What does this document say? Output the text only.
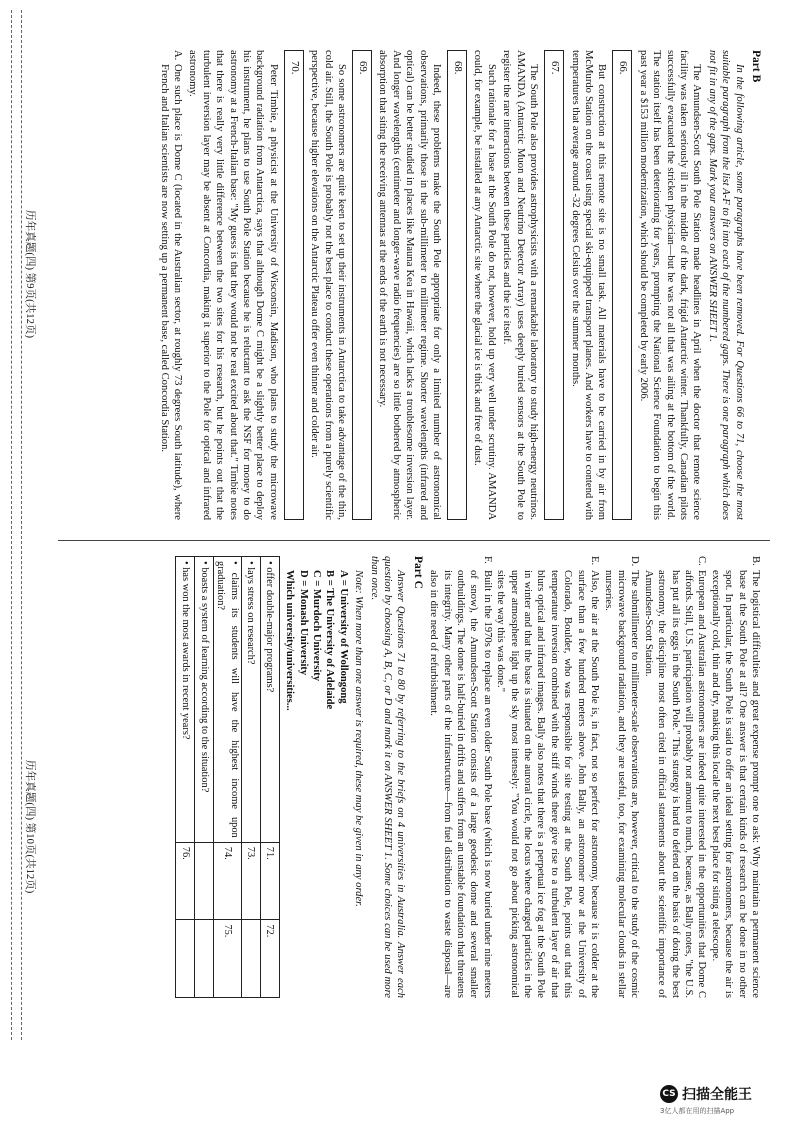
Part B

In the following article, some paragraphs have been removed. For Questions 66 to 71, choose the most suitable paragraph from the list A-F to fit into each of the numbered gaps. There is one paragraph which does not fit in any of the gaps. Mark your answers on ANSWER SHEET 1.

The Amundsen-Scott South Pole Station made headlines in April when the doctor that remote science facility was taken seriously ill in the middle of the dark, frigid Antarctic winter. Thankfully, Canadian pilots successfully evacuated the stricken physician—but he was not all that was ailing at the bottom of the world. The station itself has been deteriorating for years, prompting the National Science Foundation to begin this past year a $153 million modernization, which should be completed by early 2006.

66.

But construction at this remote site is no small task. All materials have to be carried in by air from McMurdo Station on the coast using special ski-equipped transport planes. And workers have to contend with temperatures that average around -32 degrees Celsius over the summer months.

67.

The South Pole also provides astrophysicists with a remarkable laboratory to study high-energy neutrinos. AMANDA (Antarctic Muon and Neutrino Detector Array) uses deeply buried sensors at the South Pole to register the rare interactions between these particles and the ice itself.

Such rationale for a base at the South Pole do not, however, hold up very well under scrutiny. AMANDA could, for example, be installed at any Antarctic site where the glacial ice is thick and free of dust.

68.

Indeed, these problems make the South Pole appropriate for only a limited number of astronomical observations, primarily those in the sub-millimeter to millimeter regime. Shorter wavelengths (infrared and optical) can be better studied in places like Mauna Kea in Hawaii, which lacks a troublesome inversion layer. And longer wavelengths (centimeter and longer-wave radio frequencies) are so little bothered by atmospheric absorption that siting the receiving antennas at the ends of the earth is not necessary.

69.

So some astronomers are quite keen to set up their instruments in Antarctica to take advantage of the thin, cold air. Still, the South Pole is probably not the best place to conduct these operations from a purely scientific perspective, because higher elevations on the Antarctic Plateau offer even thinner and colder air.

70.

Peter Timbie, a physicist at the University of Wisconsin, Madison, who plans to study the microwave background radiation from Antarctica, says that although Dome C might be a slightly better place to deploy his instrument, he plans to use South Pole Station because he is reluctant to ask the NSF for money to do astronomy at a French-Italian base: "My guess is that they would not be real excited about that." Timbie notes that there is really very little difference between the two sites for his research, but he points out that the turbulent inversion layer may be absent at Concordia, making it superior to the Pole for optical and infrared astronomy.

A.
One such place is Dome C (located in the Australian sector, at roughly 73 degrees South latitude), where French and Italian scientists are now setting up a permanent base, called Concordia Station.
B.
The logistical difficulties and great expense prompt one to ask: Why maintain a permanent science base at the South Pole at all? One answer is that certain kinds of research can be done in no other spot. In particular, the South Pole is said to offer an ideal setting for astronomers, because the air is exceptionally cold, thin and dry, making this locale the next best place for siting a telescope.
C.
European and Australian astronomers are indeed quite interested in the opportunities that Dome C affords. Still, U.S. participation will probably not amount to much, because, as Bally notes, "the U.S. has put all its eggs in the South Pole." This strategy is hard to defend on the basis of doing the best astronomy, the discipline most often cited in official statements about the scientific importance of Amundsen-Scott Station.
D.
The submillimeter to millimeter-scale observations are, however, critical to the study of the cosmic microwave background radiation, and they are useful, too, for examining molecular clouds in stellar nurseries.
E.
Also, the air at the South Pole is, in fact, not so perfect for astronomy, because it is colder at the surface than a few hundred meters above. John Bally, an astronomer now at the University of Colorado, Boulder, who was responsible for site testing at the South Pole, points out that this temperature inversion combined with the stiff winds there give rise to a turbulent layer of air that blurs optical and infrared images. Bally also notes that there is a perpetual ice fog at the South Pole in winter and that the base is situated on the auroral circle, the locus where charged particles in the upper atmosphere light up the sky most intensely: "You would not go about picking astronomical sites the way this was done."
F.
Built in the 1970s to replace an even older South Pole base (which is now buried under nine meters of snow), the Amundsen-Scott Station consists of a large geodesic dome and several smaller outbuildings. The dome is half-buried in drifts and suffers from an unstable foundation that threatens its integrity. Many other parts of the infrastructure—from fuel distribution to waste disposal—are also in dire need of refurbishment.

Part C

Answer Questions 71 to 80 by referring to the briefs on 4 universities in Australia. Answer each question by choosing A, B, C, or D and mark it on ANSWER SHEET 1. Some choices can be used more than once.

Note: When more than one answer is required, these may be given in any order.

A = University of Wollongong

B = The University of Adelaide

C = Murdoch University

D = Monash University

Which university/universities...

• offer double-major programs?	71.	72.
• lays stress on research?	73.	
• claims its students will have the highest income upon graduation?	74.	75.
• boasts a system of learning according to the situation?		
• has won the most awards in recent years?	76.	
历年真题(四) 第9页(共12页)
历年真题(四) 第10页(共12页)
CS 扫描全能王
3亿人都在用的扫描App
